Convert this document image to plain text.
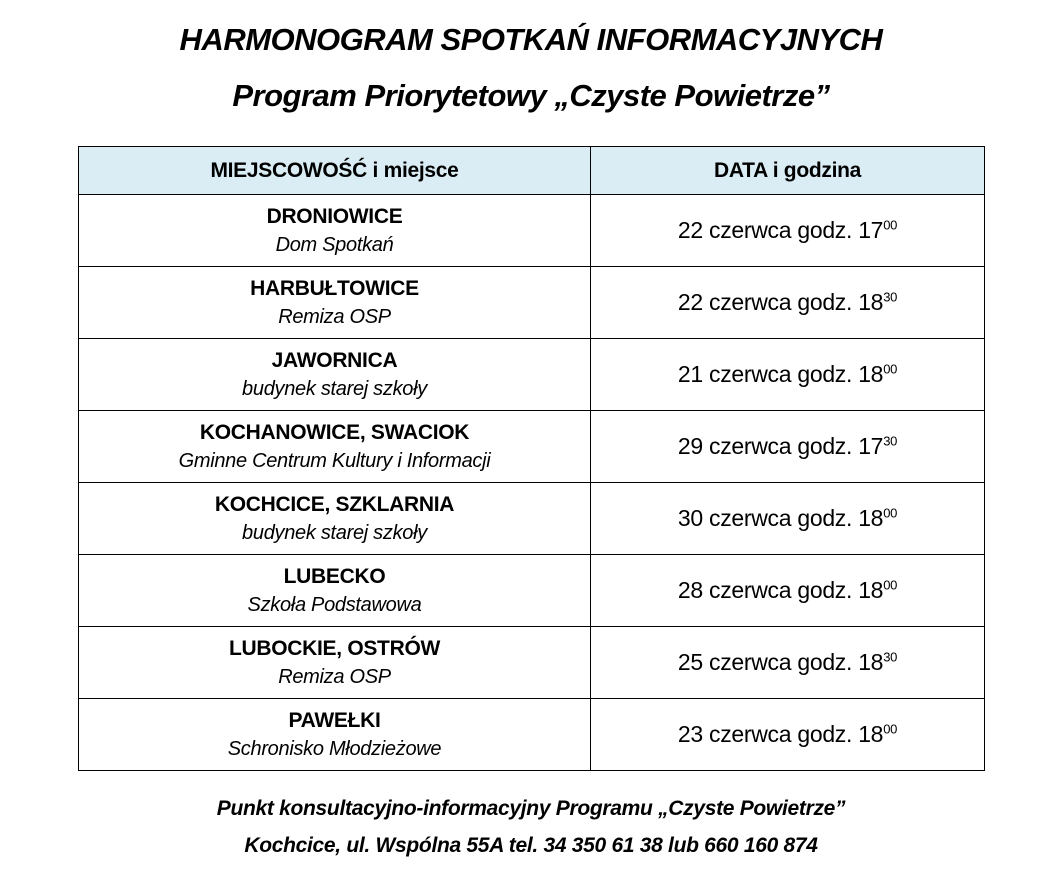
HARMONOGRAM SPOTKAŃ INFORMACYJNYCH
Program Priorytetowy „Czyste Powietrze”
MIEJSCOWOŚĆ i miejsce	DATA i godzina

DRONIOWICE
Dom Spotkań	22 czerwca godz. $17^{00}$

HARBUŁTOWICE
Remiza OSP	22 czerwca godz. $18^{30}$

JAWORNICA
budynek starej szkoły	21 czerwca godz. $18^{00}$

KOCHANOWICE, SWACIOK
Gminne Centrum Kultury i Informacji	29 czerwca godz. $17^{30}$

KOCHCICE, SZKLARNIA
budynek starej szkoły	30 czerwca godz. $18^{00}$

LUBECKO
Szkoła Podstawowa	28 czerwca godz. $18^{00}$

LUBOCKIE, OSTRÓW
Remiza OSP	25 czerwca godz. $18^{30}$

PAWEŁKI
Schronisko Młodzieżowe	23 czerwca godz. $18^{00}$
Punkt konsultacyjno-informacyjny Programu „Czyste Powietrze”
Kochcice, ul. Wspólna 55A tel. 34 350 61 38 lub 660 160 874
